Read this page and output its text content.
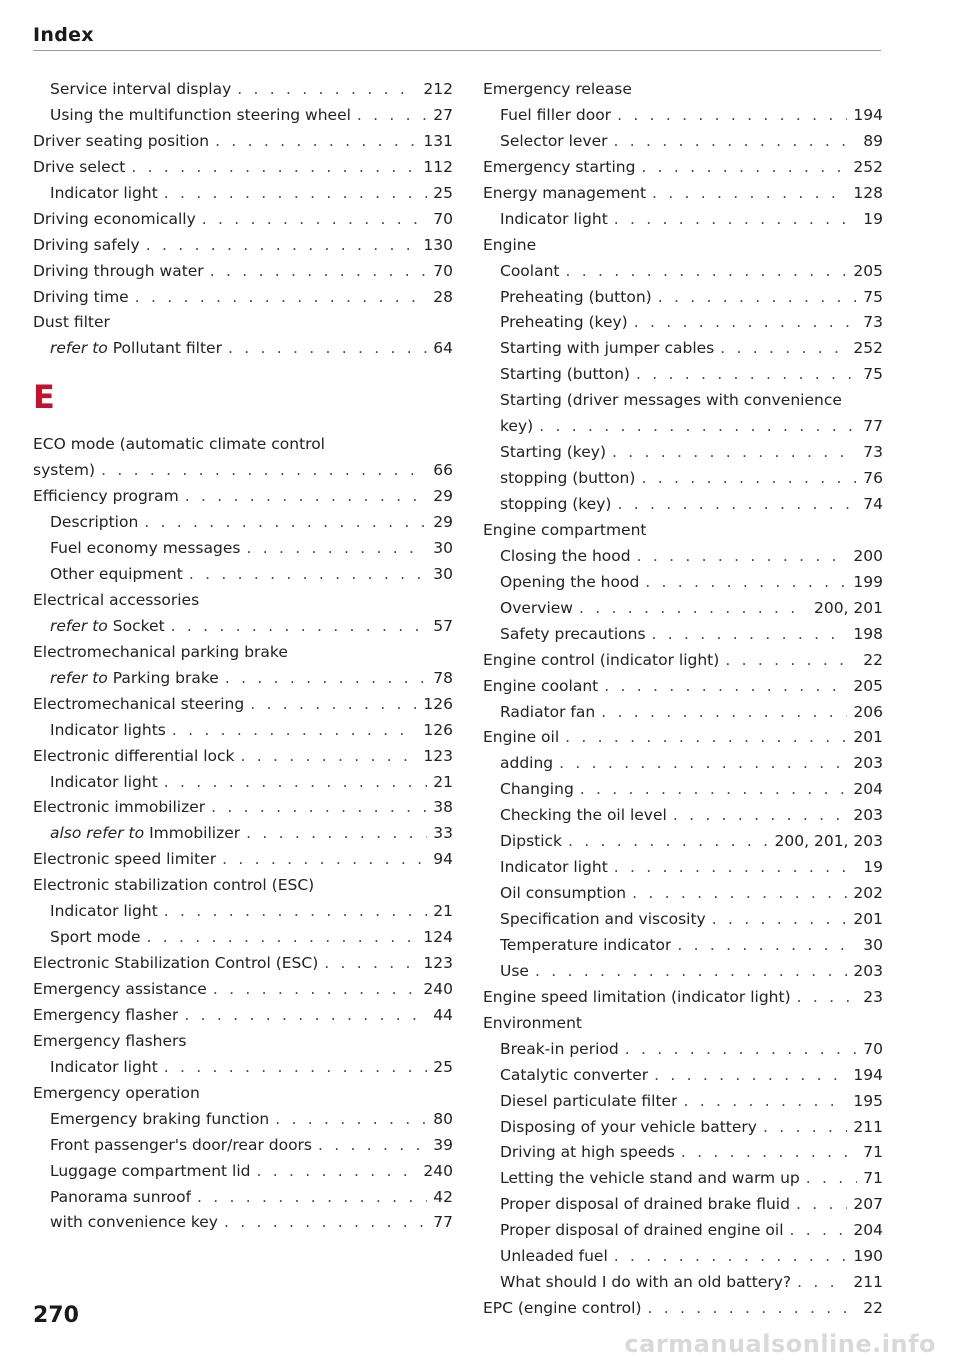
Index
Service interval display . . .	212
Using the multifunction steering wheel . . .	27
Driver seating position . . .	131
Drive select . . .	112
Indicator light . . .	25
Driving economically . . .	70
Driving safely . . .	130
Driving through water . . .	70
Driving time . . .	28
Dust filter
refer to Pollutant filter . . .	64
E
ECO mode (automatic climate control
system) . . .	66
Efficiency program . . .	29
Description . . .	29
Fuel economy messages . . .	30
Other equipment . . .	30
Electrical accessories
refer to Socket . . .	57
Electromechanical parking brake
refer to Parking brake . . .	78
Electromechanical steering . . .	126
Indicator lights . . .	126
Electronic differential lock . . .	123
Indicator light . . .	21
Electronic immobilizer . . .	38
also refer to Immobilizer . . .	33
Electronic speed limiter . . .	94
Electronic stabilization control (ESC)
Indicator light . . .	21
Sport mode . . .	124
Electronic Stabilization Control (ESC) . . .	123
Emergency assistance . . .	240
Emergency flasher . . .	44
Emergency flashers
Indicator light . . .	25
Emergency operation
Emergency braking function . . .	80
Front passenger's door/rear doors . . .	39
Luggage compartment lid . . .	240
Panorama sunroof . . .	42
with convenience key . . .	77
Emergency release
Fuel filler door . . .	194
Selector lever . . .	89
Emergency starting . . .	252
Energy management . . .	128
Indicator light . . .	19
Engine
Coolant . . .	205
Preheating (button) . . .	75
Preheating (key) . . .	73
Starting with jumper cables . . .	252
Starting (button) . . .	75
Starting (driver messages with convenience
key) . . .	77
Starting (key) . . .	73
stopping (button) . . .	76
stopping (key) . . .	74
Engine compartment
Closing the hood . . .	200
Opening the hood . . .	199
Overview . . .	200, 201
Safety precautions . . .	198
Engine control (indicator light) . . .	22
Engine coolant . . .	205
Radiator fan . . .	206
Engine oil . . .	201
adding . . .	203
Changing . . .	204
Checking the oil level . . .	203
Dipstick . . .	200, 201, 203
Indicator light . . .	19
Oil consumption . . .	202
Specification and viscosity . . .	201
Temperature indicator . . .	30
Use . . .	203
Engine speed limitation (indicator light) . . .	23
Environment
Break-in period . . .	70
Catalytic converter . . .	194
Diesel particulate filter . . .	195
Disposing of your vehicle battery . . .	211
Driving at high speeds . . .	71
Letting the vehicle stand and warm up . . .	71
Proper disposal of drained brake fluid . . .	207
Proper disposal of drained engine oil . . .	204
Unleaded fuel . . .	190
What should I do with an old battery? . . .	211
EPC (engine control) . . .	22
270
carmanualsonline.info
